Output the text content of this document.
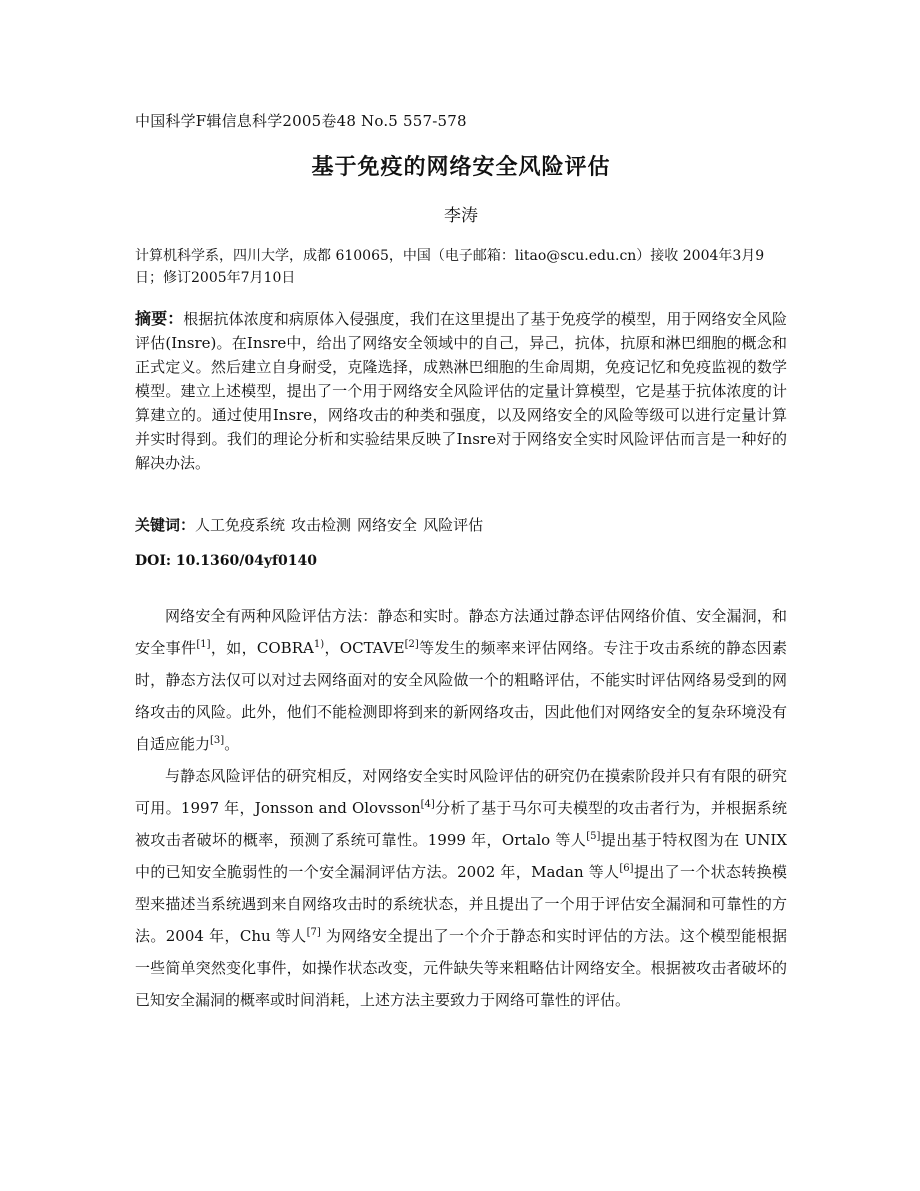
中国科学F辑信息科学2005卷48 No.5 557-578
基于免疫的网络安全风险评估
李涛
计算机科学系，四川大学，成都 610065，中国（电子邮箱：litao@scu.edu.cn）接收 2004年3月9日；修订2005年7月10日
摘要：根据抗体浓度和病原体入侵强度，我们在这里提出了基于免疫学的模型，用于网络安全风险评估(Insre)。在Insre中，给出了网络安全领域中的自己，异己，抗体，抗原和淋巴细胞的概念和正式定义。然后建立自身耐受，克隆选择，成熟淋巴细胞的生命周期，免疫记忆和免疫监视的数学模型。建立上述模型，提出了一个用于网络安全风险评估的定量计算模型，它是基于抗体浓度的计算建立的。通过使用Insre，网络攻击的种类和强度，以及网络安全的风险等级可以进行定量计算并实时得到。我们的理论分析和实验结果反映了Insre对于网络安全实时风险评估而言是一种好的解决办法。
关键词：人工免疫系统 攻击检测 网络安全 风险评估
DOI: 10.1360/04yf0140

网络安全有两种风险评估方法：静态和实时。静态方法通过静态评估网络价值、安全漏洞，和安全事件[1]，如，COBRA$^{1)}$，OCTAVE[2]等发生的频率来评估网络。专注于攻击系统的静态因素时，静态方法仅可以对过去网络面对的安全风险做一个的粗略评估，不能实时评估网络易受到的网络攻击的风险。此外，他们不能检测即将到来的新网络攻击，因此他们对网络安全的复杂环境没有自适应能力[3]。

与静态风险评估的研究相反，对网络安全实时风险评估的研究仍在摸索阶段并只有有限的研究可用。1997 年，Jonsson and Olovsson[4]分析了基于马尔可夫模型的攻击者行为，并根据系统被攻击者破坏的概率，预测了系统可靠性。1999 年，Ortalo 等人[5]提出基于特权图为在 UNIX 中的已知安全脆弱性的一个安全漏洞评估方法。2002 年，Madan 等人[6]提出了一个状态转换模型来描述当系统遇到来自网络攻击时的系统状态，并且提出了一个用于评估安全漏洞和可靠性的方法。2004 年，Chu 等人[7] 为网络安全提出了一个介于静态和实时评估的方法。这个模型能根据一些简单突然变化事件，如操作状态改变，元件缺失等来粗略估计网络安全。根据被攻击者破坏的已知安全漏洞的概率或时间消耗，上述方法主要致力于网络可靠性的评估。
